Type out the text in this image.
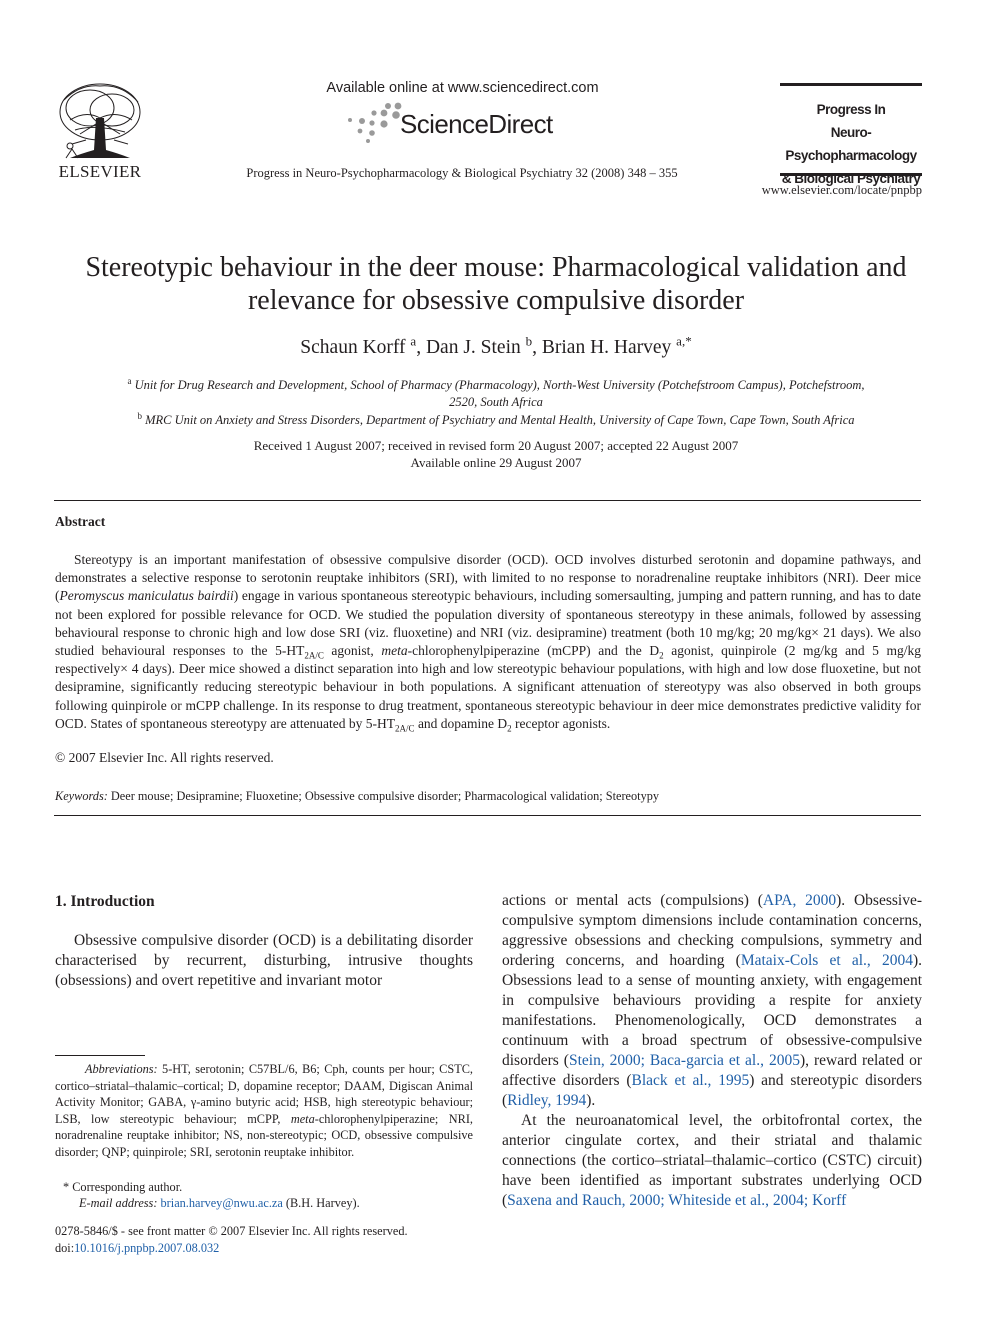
ELSEVIER
Available online at www.sciencedirect.com
ScienceDirect
Progress in Neuro-Psychopharmacology & Biological Psychiatry 32 (2008) 348 – 355
Progress In
Neuro-Psychopharmacology
& Biological Psychiatry
www.elsevier.com/locate/pnpbp
Stereotypic behaviour in the deer mouse: Pharmacological validation and
relevance for obsessive compulsive disorder
Schaun Korff $^a$, Dan J. Stein $^b$, Brian H. Harvey $^{a,*}$
$^a$ Unit for Drug Research and Development, School of Pharmacy (Pharmacology), North-West University (Potchefstroom Campus), Potchefstroom,
2520, South Africa
$^b$ MRC Unit on Anxiety and Stress Disorders, Department of Psychiatry and Mental Health, University of Cape Town, Cape Town, South Africa
Received 1 August 2007; received in revised form 20 August 2007; accepted 22 August 2007
Available online 29 August 2007
Abstract
Stereotypy is an important manifestation of obsessive compulsive disorder (OCD). OCD involves disturbed serotonin and dopamine pathways, and demonstrates a selective response to serotonin reuptake inhibitors (SRI), with limited to no response to noradrenaline reuptake inhibitors (NRI). Deer mice (Peromyscus maniculatus bairdii) engage in various spontaneous stereotypic behaviours, including somersaulting, jumping and pattern running, and has to date not been explored for possible relevance for OCD. We studied the population diversity of spontaneous stereotypy in these animals, followed by assessing behavioural response to chronic high and low dose SRI (viz. fluoxetine) and NRI (viz. desipramine) treatment (both 10 mg/kg; 20 mg/kg× 21 days). We also studied behavioural responses to the $5-HT_{2A/C}$ agonist, meta-chlorophenylpiperazine (mCPP) and the $D_2$ agonist, quinpirole (2 mg/kg and 5 mg/kg respectively× 4 days). Deer mice showed a distinct separation into high and low stereotypic behaviour populations, with high and low dose fluoxetine, but not desipramine, significantly reducing stereotypic behaviour in both populations. A significant attenuation of stereotypy was also observed in both groups following quinpirole or mCPP challenge. In its response to drug treatment, spontaneous stereotypic behaviour in deer mice demonstrates predictive validity for OCD. States of spontaneous stereotypy are attenuated by $5-HT_{2A/C}$ and dopamine $D_2$ receptor agonists.
© 2007 Elsevier Inc. All rights reserved.
Keywords: Deer mouse; Desipramine; Fluoxetine; Obsessive compulsive disorder; Pharmacological validation; Stereotypy
1. Introduction
Obsessive compulsive disorder (OCD) is a debilitating disorder characterised by recurrent, disturbing, intrusive thoughts (obsessions) and overt repetitive and invariant motor
Abbreviations: 5-HT, serotonin; C57BL/6, B6; Cph, counts per hour; CSTC, cortico–striatal–thalamic–cortical; D, dopamine receptor; DAAM, Digiscan Animal Activity Monitor; GABA, γ-amino butyric acid; HSB, high stereotypic behaviour; LSB, low stereotypic behaviour; mCPP, meta-chlorophenylpiperazine; NRI, noradrenaline reuptake inhibitor; NS, non-stereotypic; OCD, obsessive compulsive disorder; QNP; quinpirole; SRI, serotonin reuptake inhibitor.
* Corresponding author.
E-mail address: brian.harvey@nwu.ac.za (B.H. Harvey).
0278-5846/$ - see front matter © 2007 Elsevier Inc. All rights reserved.
doi:10.1016/j.pnpbp.2007.08.032
actions or mental acts (compulsions) (APA, 2000). Obsessive-compulsive symptom dimensions include contamination concerns, aggressive obsessions and checking compulsions, symmetry and ordering concerns, and hoarding (Mataix-Cols et al., 2004). Obsessions lead to a sense of mounting anxiety, with engagement in compulsive behaviours providing a respite for anxiety manifestations. Phenomenologically, OCD demonstrates a continuum with a broad spectrum of obsessive-compulsive disorders (Stein, 2000; Baca-garcia et al., 2005), reward related or affective disorders (Black et al., 1995) and stereotypic disorders (Ridley, 1994).
At the neuroanatomical level, the orbitofrontal cortex, the anterior cingulate cortex, and their striatal and thalamic connections (the cortico–striatal–thalamic–cortico (CSTC) circuit) have been identified as important substrates underlying OCD (Saxena and Rauch, 2000; Whiteside et al., 2004; Korff
